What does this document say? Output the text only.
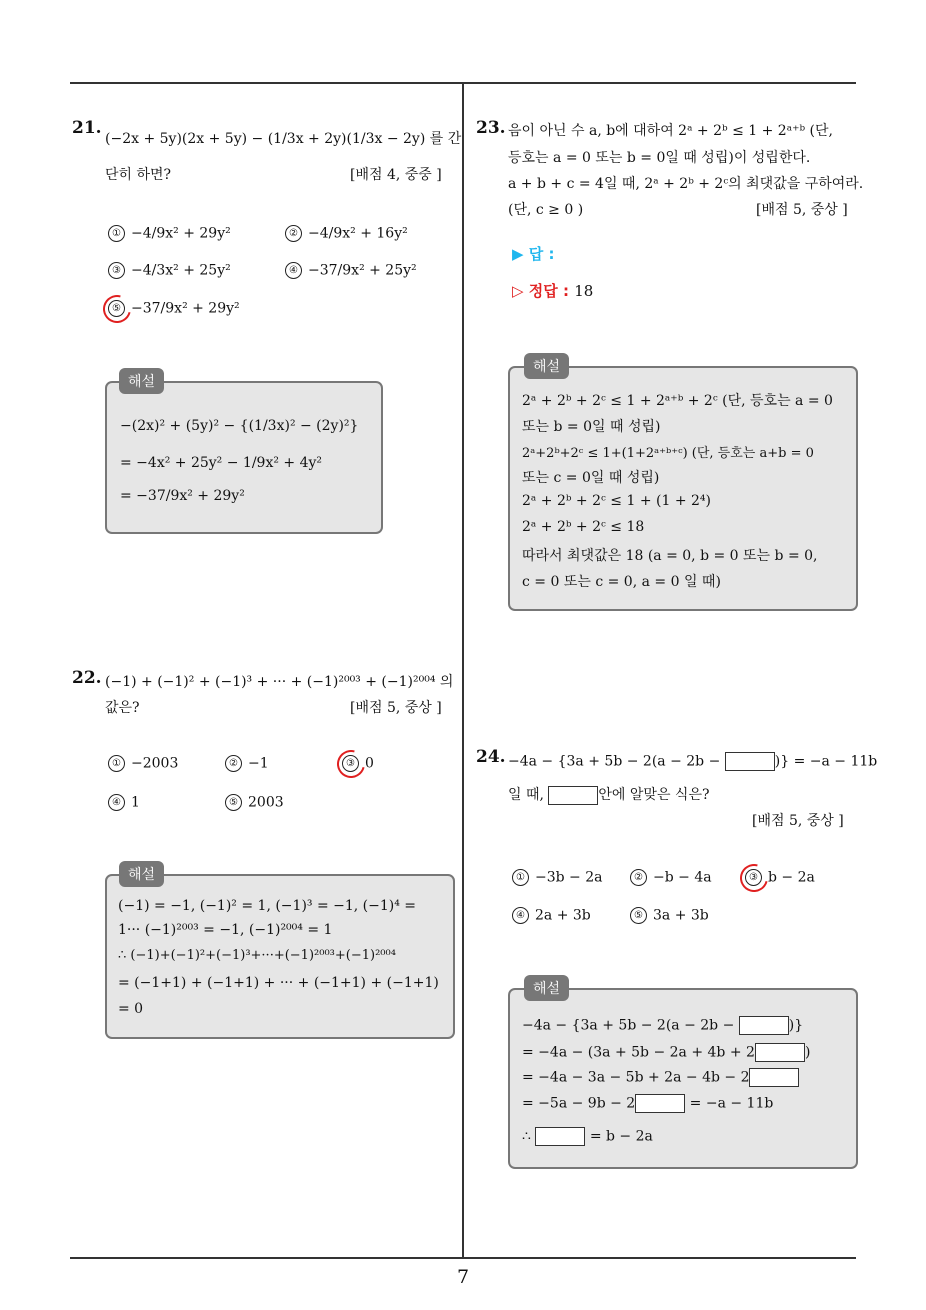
21.
(−2x + 5y)(2x + 5y) − (1/3x + 2y)(1/3x − 2y) 를 간
단히 하면?	[배점 4, 중중 ]
① −4/9x² + 29y²	② −4/9x² + 16y²
③ −4/3x² + 25y²	④ −37/9x² + 25y²
⑤ −37/9x² + 29y²
해설
−(2x)² + (5y)² − {(1/3x)² − (2y)²}
= −4x² + 25y² − 1/9x² + 4y²
= −37/9x² + 29y²
22. (−1) + (−1)² + (−1)³ + ··· + (−1)²⁰⁰³ + (−1)²⁰⁰⁴ 의
값은?	[배점 5, 중상 ]
① −2003	② −1	③ 0
④ 1	⑤ 2003
해설
(−1) = −1, (−1)² = 1, (−1)³ = −1, (−1)⁴ =
1··· (−1)²⁰⁰³ = −1, (−1)²⁰⁰⁴ = 1
∴ (−1)+(−1)²+(−1)³+···+(−1)²⁰⁰³+(−1)²⁰⁰⁴
= (−1+1) + (−1+1) + ··· + (−1+1) + (−1+1)
= 0
23. 음이 아닌 수 a, b에 대하여 2ᵃ + 2ᵇ ≤ 1 + 2ᵃ⁺ᵇ (단,
등호는 a = 0 또는 b = 0일 때 성립)이 성립한다.
a + b + c = 4일 때, 2ᵃ + 2ᵇ + 2ᶜ의 최댓값을 구하여라.
(단, c ≥ 0 )	[배점 5, 중상 ]
▶ 답 :
▷ 정답 : 18
해설
2ᵃ + 2ᵇ + 2ᶜ ≤ 1 + 2ᵃ⁺ᵇ + 2ᶜ (단, 등호는 a = 0
또는 b = 0일 때 성립)
2ᵃ+2ᵇ+2ᶜ ≤ 1+(1+2ᵃ⁺ᵇ⁺ᶜ) (단, 등호는 a+b = 0
또는 c = 0일 때 성립)
2ᵃ + 2ᵇ + 2ᶜ ≤ 1 + (1 + 2⁴)
2ᵃ + 2ᵇ + 2ᶜ ≤ 18
따라서 최댓값은 18 (a = 0, b = 0 또는 b = 0,
c = 0 또는 c = 0, a = 0 일 때)
24. −4a − {3a + 5b − 2(a − 2b −	)} = −a − 11b
일 때,	안에 알맞은 식은?
[배점 5, 중상 ]
① −3b − 2a	② −b − 4a	③ b − 2a
④ 2a + 3b	⑤ 3a + 3b
해설
−4a − {3a + 5b − 2(a − 2b −	)}
= −4a − (3a + 5b − 2a + 4b + 2	)
= −4a − 3a − 5b + 2a − 4b − 2
= −5a − 9b − 2	= −a − 11b
∴	= b − 2a
7
